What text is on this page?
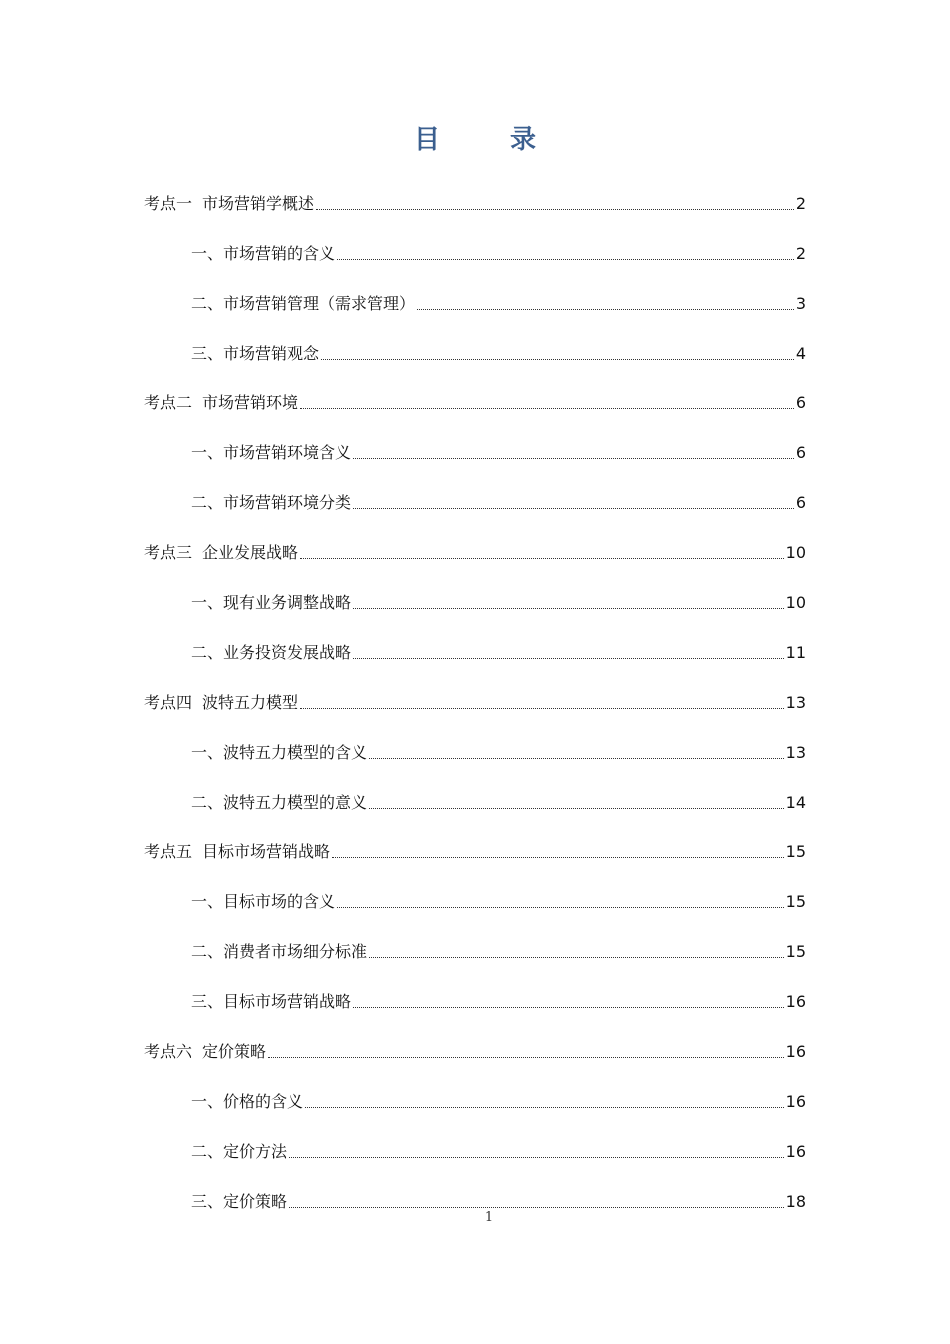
目　录
考点一 市场营销学概述	2
一、市场营销的含义	2
二、市场营销管理（需求管理）	3
三、市场营销观念	4
考点二 市场营销环境	6
一、市场营销环境含义	6
二、市场营销环境分类	6
考点三 企业发展战略	10
一、现有业务调整战略	10
二、业务投资发展战略	11
考点四 波特五力模型	13
一、波特五力模型的含义	13
二、波特五力模型的意义	14
考点五 目标市场营销战略	15
一、目标市场的含义	15
二、消费者市场细分标准	15
三、目标市场营销战略	16
考点六 定价策略	16
一、价格的含义	16
二、定价方法	16
三、定价策略	18
1
